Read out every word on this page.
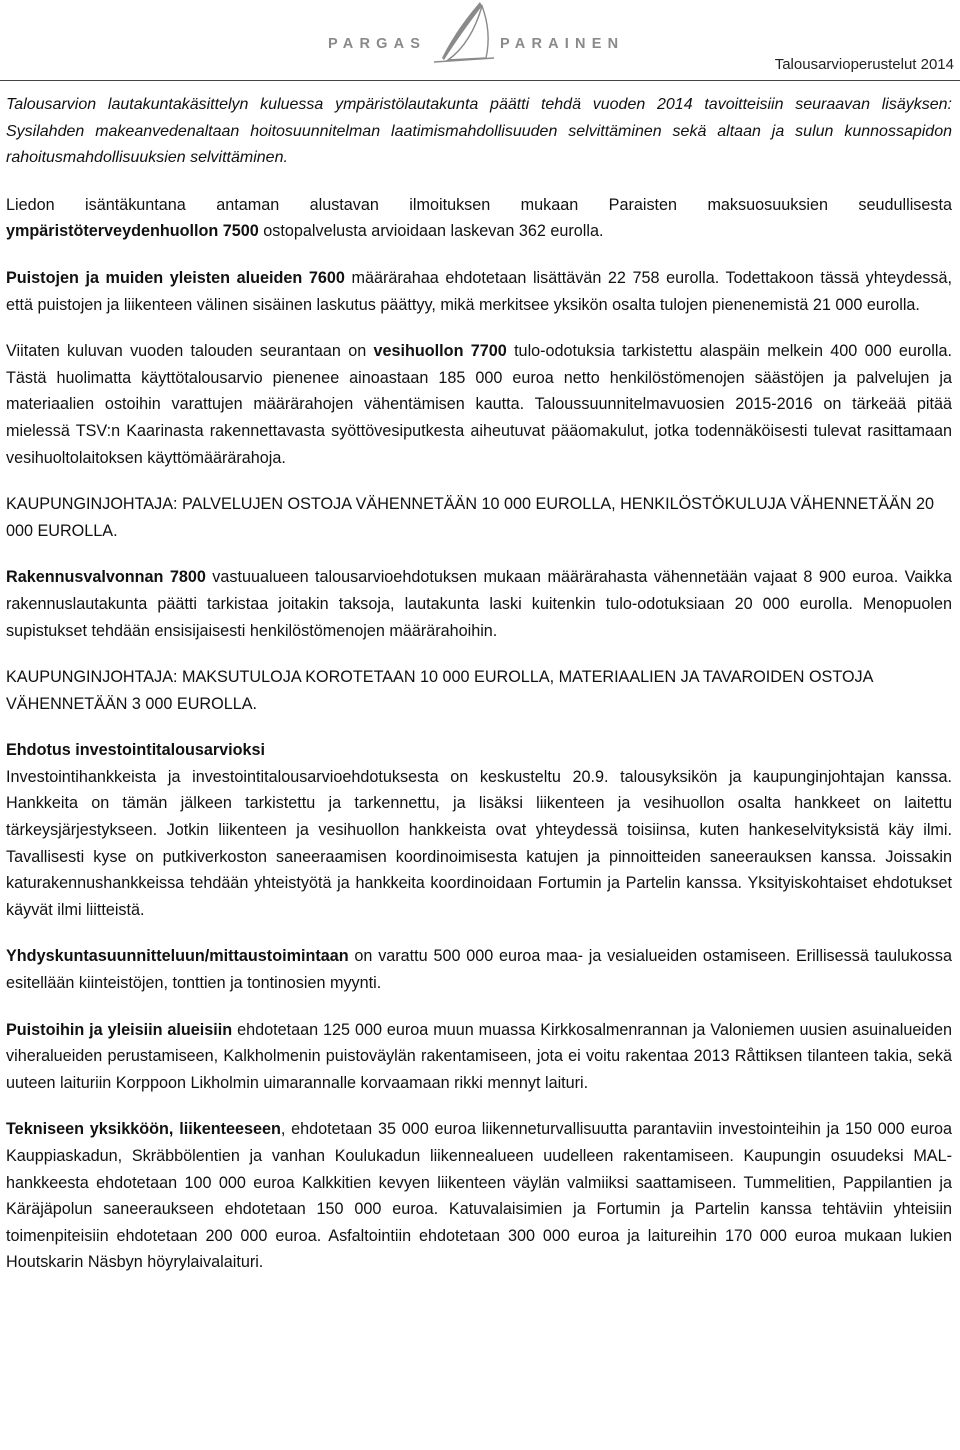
PARGAS	PARAINEN
Talousarvioperustelut 2014

Talousarvion lautakuntakäsittelyn kuluessa ympäristölautakunta päätti tehdä vuoden 2014 tavoitteisiin seuraavan lisäyksen: Sysilahden makeanvedenaltaan hoitosuunnitelman laatimismahdollisuuden selvittäminen sekä altaan ja sulun kunnossapidon rahoitusmahdollisuuksien selvittäminen.

Liedon isäntäkuntana antaman alustavan ilmoituksen mukaan Paraisten maksuosuuksien seudullisesta ympäristöterveydenhuollon 7500 ostopalvelusta arvioidaan laskevan 362 eurolla.

Puistojen ja muiden yleisten alueiden 7600 määrärahaa ehdotetaan lisättävän 22 758 eurolla. Todettakoon tässä yhteydessä, että puistojen ja liikenteen välinen sisäinen laskutus päättyy, mikä merkitsee yksikön osalta tulojen pienenemistä 21 000 eurolla.

Viitaten kuluvan vuoden talouden seurantaan on vesihuollon 7700 tulo-odotuksia tarkistettu alaspäin melkein 400 000 eurolla. Tästä huolimatta käyttötalousarvio pienenee ainoastaan 185 000 euroa netto henkilöstömenojen säästöjen ja palvelujen ja materiaalien ostoihin varattujen määrärahojen vähentämisen kautta. Taloussuunnitelmavuosien 2015-2016 on tärkeää pitää mielessä TSV:n Kaarinasta rakennettavasta syöttövesiputkesta aiheutuvat pääomakulut, jotka todennäköisesti tulevat rasittamaan vesihuoltolaitoksen käyttömäärärahoja.

KAUPUNGINJOHTAJA: PALVELUJEN OSTOJA VÄHENNETÄÄN 10 000 EUROLLA, HENKILÖSTÖKULUJA VÄHENNETÄÄN 20 000 EUROLLA.

Rakennusvalvonnan 7800 vastuualueen talousarvioehdotuksen mukaan määrärahasta vähennetään vajaat 8 900 euroa. Vaikka rakennuslautakunta päätti tarkistaa joitakin taksoja, lautakunta laski kuitenkin tulo-odotuksiaan 20 000 eurolla. Menopuolen supistukset tehdään ensisijaisesti henkilöstömenojen määrärahoihin.

KAUPUNGINJOHTAJA: MAKSUTULOJA KOROTETAAN 10 000 EUROLLA, MATERIAALIEN JA TAVAROIDEN OSTOJA VÄHENNETÄÄN 3 000 EUROLLA.

Ehdotus investointitalousarvioksi
Investointihankkeista ja investointitalousarvioehdotuksesta on keskusteltu 20.9. talousyksikön ja kaupunginjohtajan kanssa. Hankkeita on tämän jälkeen tarkistettu ja tarkennettu, ja lisäksi liikenteen ja vesihuollon osalta hankkeet on laitettu tärkeysjärjestykseen. Jotkin liikenteen ja vesihuollon hankkeista ovat yhteydessä toisiinsa, kuten hankeselvityksistä käy ilmi. Tavallisesti kyse on putkiverkoston saneeraamisen koordinoimisesta katujen ja pinnoitteiden saneerauksen kanssa. Joissakin katurakennushankkeissa tehdään yhteistyötä ja hankkeita koordinoidaan Fortumin ja Partelin kanssa. Yksityiskohtaiset ehdotukset käyvät ilmi liitteistä.

Yhdyskuntasuunnitteluun/mittaustoimintaan on varattu 500 000 euroa maa- ja vesialueiden ostamiseen. Erillisessä taulukossa esitellään kiinteistöjen, tonttien ja tontinosien myynti.

Puistoihin ja yleisiin alueisiin ehdotetaan 125 000 euroa muun muassa Kirkkosalmenrannan ja Valoniemen uusien asuinalueiden viheralueiden perustamiseen, Kalkholmenin puistoväylän rakentamiseen, jota ei voitu rakentaa 2013 Råttiksen tilanteen takia, sekä uuteen laituriin Korppoon Likholmin uimarannalle korvaamaan rikki mennyt laituri.

Tekniseen yksikköön, liikenteeseen, ehdotetaan 35 000 euroa liikenneturvallisuutta parantaviin investointeihin ja 150 000 euroa Kauppiaskadun, Skräbbölentien ja vanhan Koulukadun liikennealueen uudelleen rakentamiseen. Kaupungin osuudeksi MAL-hankkeesta ehdotetaan 100 000 euroa Kalkkitien kevyen liikenteen väylän valmiiksi saattamiseen. Tummelitien, Pappilantien ja Käräjäpolun saneeraukseen ehdotetaan 150 000 euroa. Katuvalaisimien ja Fortumin ja Partelin kanssa tehtäviin yhteisiin toimenpiteisiin ehdotetaan 200 000 euroa. Asfaltointiin ehdotetaan 300 000 euroa ja laitureihin 170 000 euroa mukaan lukien Houtskarin Näsbyn höyrylaivalaituri.
